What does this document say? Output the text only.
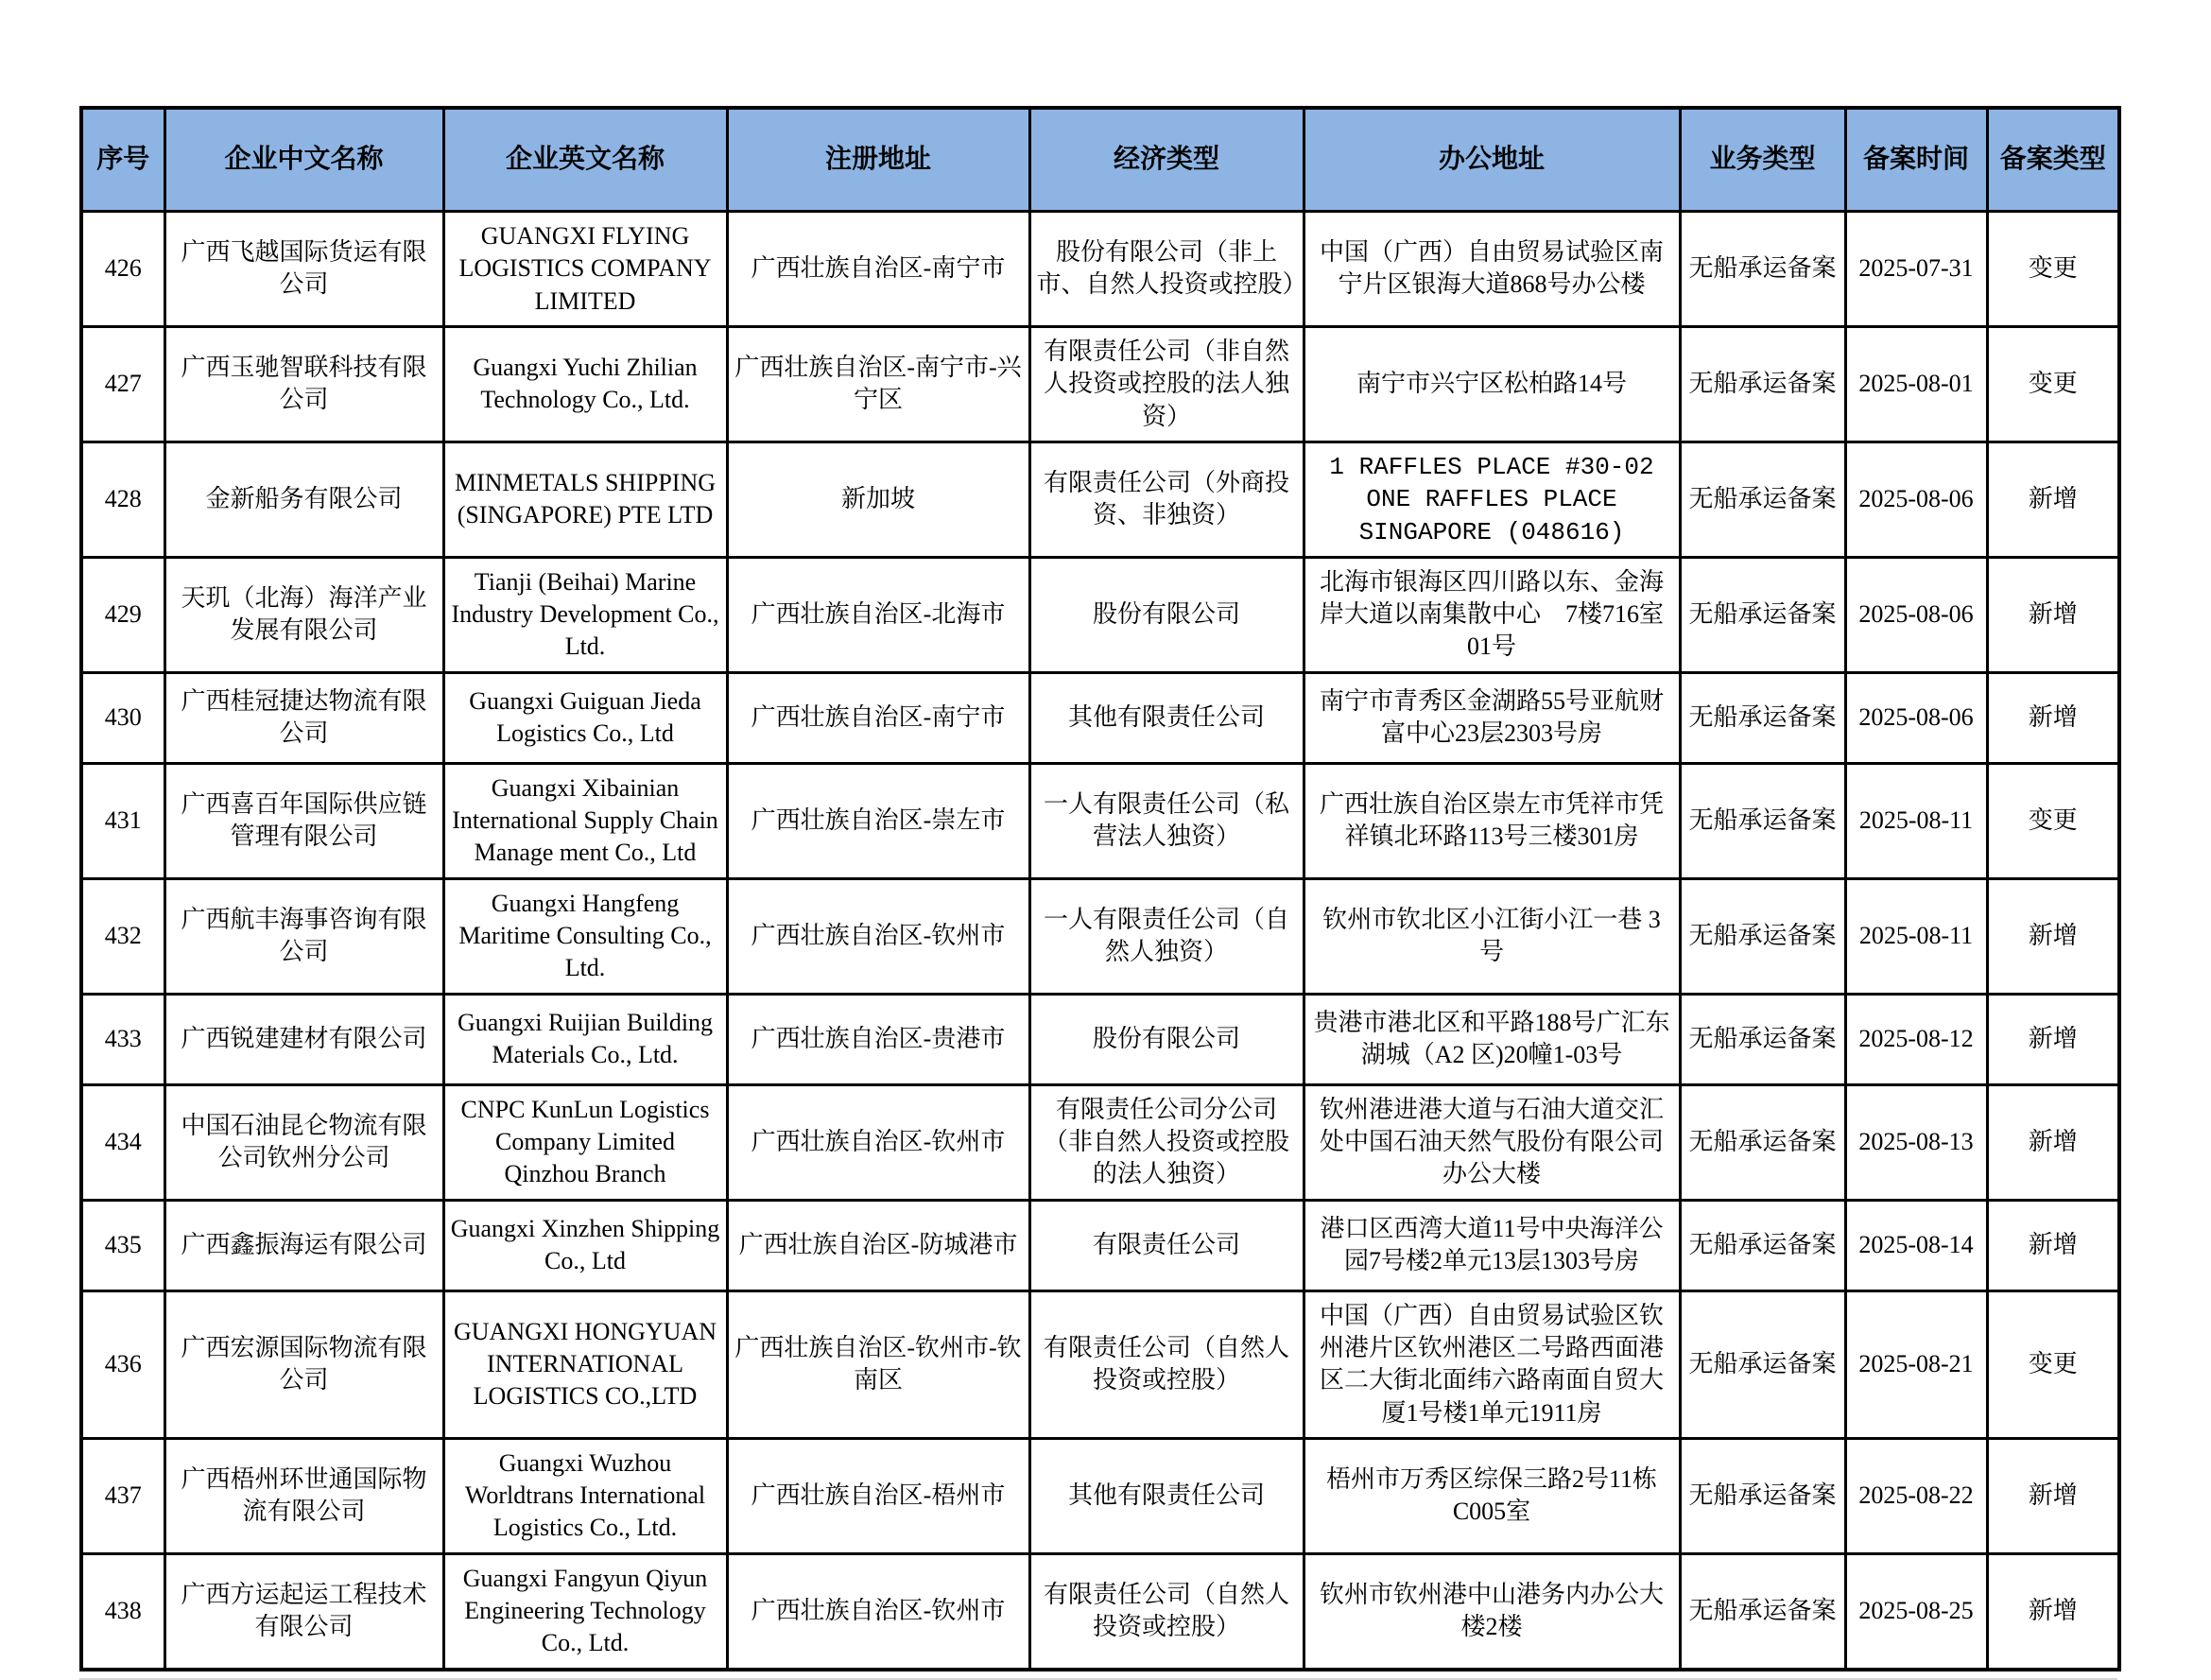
序号	企业中文名称	企业英文名称	注册地址	经济类型	办公地址	业务类型	备案时间	备案类型
426	广西飞越国际货运有限公司	GUANGXI FLYING LOGISTICS COMPANY LIMITED	广西壮族自治区-南宁市	股份有限公司（非上市、自然人投资或控股）	中国（广西）自由贸易试验区南宁片区银海大道868号办公楼	无船承运备案	2025-07-31	变更
427	广西玉驰智联科技有限公司	Guangxi Yuchi Zhilian Technology Co., Ltd.	广西壮族自治区-南宁市-兴宁区	有限责任公司（非自然人投资或控股的法人独资）	南宁市兴宁区松柏路14号	无船承运备案	2025-08-01	变更
428	金新船务有限公司	MINMETALS SHIPPING (SINGAPORE) PTE LTD	新加坡	有限责任公司（外商投资、非独资）	1 RAFFLES PLACE #30-02 ONE RAFFLES PLACE SINGAPORE (048616)	无船承运备案	2025-08-06	新增
429	天玑（北海）海洋产业发展有限公司	Tianji (Beihai) Marine Industry Development Co., Ltd.	广西壮族自治区-北海市	股份有限公司	北海市银海区四川路以东、金海岸大道以南集散中心　7楼716室01号	无船承运备案	2025-08-06	新增
430	广西桂冠捷达物流有限公司	Guangxi Guiguan Jieda Logistics Co., Ltd	广西壮族自治区-南宁市	其他有限责任公司	南宁市青秀区金湖路55号亚航财富中心23层2303号房	无船承运备案	2025-08-06	新增
431	广西喜百年国际供应链管理有限公司	Guangxi Xibainian International Supply Chain Manage ment Co., Ltd	广西壮族自治区-崇左市	一人有限责任公司（私营法人独资）	广西壮族自治区崇左市凭祥市凭祥镇北环路113号三楼301房	无船承运备案	2025-08-11	变更
432	广西航丰海事咨询有限公司	Guangxi Hangfeng Maritime Consulting Co., Ltd.	广西壮族自治区-钦州市	一人有限责任公司（自然人独资）	钦州市钦北区小江街小江一巷 3号	无船承运备案	2025-08-11	新增
433	广西锐建建材有限公司	Guangxi Ruijian Building Materials Co., Ltd.	广西壮族自治区-贵港市	股份有限公司	贵港市港北区和平路188号广汇东湖城（A2 区)20幢1-03号	无船承运备案	2025-08-12	新增
434	中国石油昆仑物流有限公司钦州分公司	CNPC KunLun Logistics Company Limited Qinzhou Branch	广西壮族自治区-钦州市	有限责任公司分公司（非自然人投资或控股的法人独资）	钦州港进港大道与石油大道交汇处中国石油天然气股份有限公司办公大楼	无船承运备案	2025-08-13	新增
435	广西鑫振海运有限公司	Guangxi Xinzhen Shipping Co., Ltd	广西壮族自治区-防城港市	有限责任公司	港口区西湾大道11号中央海洋公园7号楼2单元13层1303号房	无船承运备案	2025-08-14	新增
436	广西宏源国际物流有限公司	GUANGXI HONGYUAN INTERNATIONAL LOGISTICS CO.,LTD	广西壮族自治区-钦州市-钦南区	有限责任公司（自然人投资或控股）	中国（广西）自由贸易试验区钦州港片区钦州港区二号路西面港区二大街北面纬六路南面自贸大厦1号楼1单元1911房	无船承运备案	2025-08-21	变更
437	广西梧州环世通国际物流有限公司	Guangxi Wuzhou Worldtrans International Logistics Co., Ltd.	广西壮族自治区-梧州市	其他有限责任公司	梧州市万秀区综保三路2号11栋C005室	无船承运备案	2025-08-22	新增
438	广西方运起运工程技术有限公司	Guangxi Fangyun Qiyun Engineering Technology Co., Ltd.	广西壮族自治区-钦州市	有限责任公司（自然人投资或控股）	钦州市钦州港中山港务内办公大楼2楼	无船承运备案	2025-08-25	新增
